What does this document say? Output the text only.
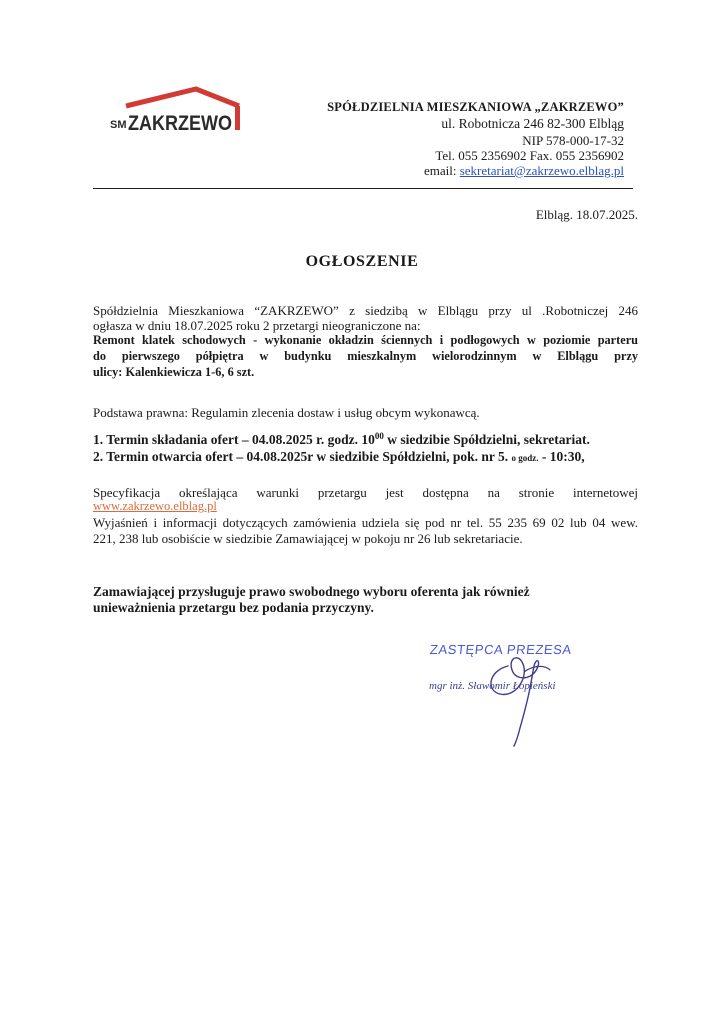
SM ZAKRZEWO
SPÓŁDZIELNIA MIESZKANIOWA „ZAKRZEWO”
ul. Robotnicza 246 82-300 Elbląg
NIP 578-000-17-32
Tel. 055 2356902 Fax. 055 2356902
email: sekretariat@zakrzewo.elblag.pl
Elbląg. 18.07.2025.
OGŁOSZENIE
Spółdzielnia Mieszkaniowa “ZAKRZEWO” z siedzibą w Elblągu przy ul .Robotniczej 246
ogłasza w dniu 18.07.2025 roku 2 przetargi nieograniczone na:
Remont klatek schodowych - wykonanie okładzin ściennych i podłogowych w poziomie parteru
do pierwszego półpiętra w budynku mieszkalnym wielorodzinnym w Elblągu przy
ulicy: Kalenkiewicza 1-6, 6 szt.
Podstawa prawna: Regulamin zlecenia dostaw i usług obcym wykonawcą.
1. Termin składania ofert – 04.08.2025 r. godz. $10^{00}$ w siedzibie Spółdzielni, sekretariat.
2. Termin otwarcia ofert – 04.08.2025r w siedzibie Spółdzielni, pok. nr 5. o godz. - 10:30,
Specyfikacja określająca warunki przetargu jest dostępna na stronie internetowej
www.zakrzewo.elblag.pl
Wyjaśnień i informacji dotyczących zamówienia udziela się pod nr tel. 55 235 69 02 lub 04 wew.
221, 238 lub osobiście w siedzibie Zamawiającej w pokoju nr 26 lub sekretariacie.
Zamawiającej przysługuje prawo swobodnego wyboru oferenta jak również
unieważnienia przetargu bez podania przyczyny.
ZASTĘPCA PREZESA
mgr inż. Sławomir Łopieński
